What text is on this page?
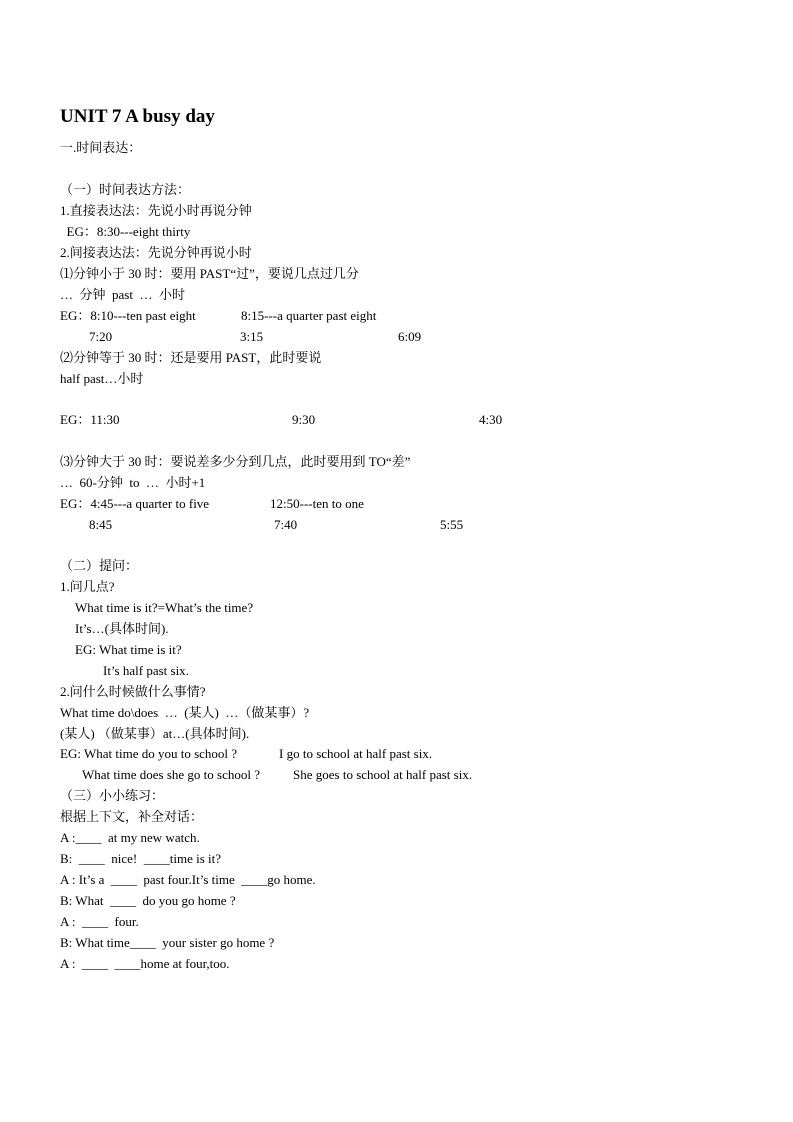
UNIT 7 A busy day
一.时间表达：
（一）时间表达方法：
1.直接表达法：先说小时再说分钟
EG：8:30---eight thirty
2.间接表达法：先说分钟再说小时
⑴分钟小于 30 时：要用 PAST“过”，要说几点过几分
…  分钟  past  …  小时
EG：8:10---ten past eight	8:15---a quarter past eight
7:20	3:15	6:09
⑵分钟等于 30 时：还是要用 PAST，此时要说
half past…小时
EG：11:30	9:30	4:30
⑶分钟大于 30 时：要说差多少分到几点，此时要用到 TO“差”
…  60-分钟  to  …  小时+1
EG：4:45---a quarter to five	12:50---ten to one
8:45	7:40	5:55
（二）提问：
1.问几点?
What time is it?=What’s the time?
It’s…(具体时间).
EG: What time is it?
It’s half past six.
2.问什么时候做什么事情?
What time do\does  …  (某人)  …（做某事）?
(某人) （做某事）at…(具体时间).
EG: What time do you to school ?	I go to school at half past six.
What time does she go to school ?	She goes to school at half past six.
（三）小小练习：
根据上下文，补全对话：
A :____  at my new watch.
B:  ____  nice!  ____time is it?
A : It’s a  ____  past four.It’s time  ____go home.
B: What  ____  do you go home ?
A :  ____  four.
B: What time____  your sister go home ?
A :  ____  ____home at four,too.
